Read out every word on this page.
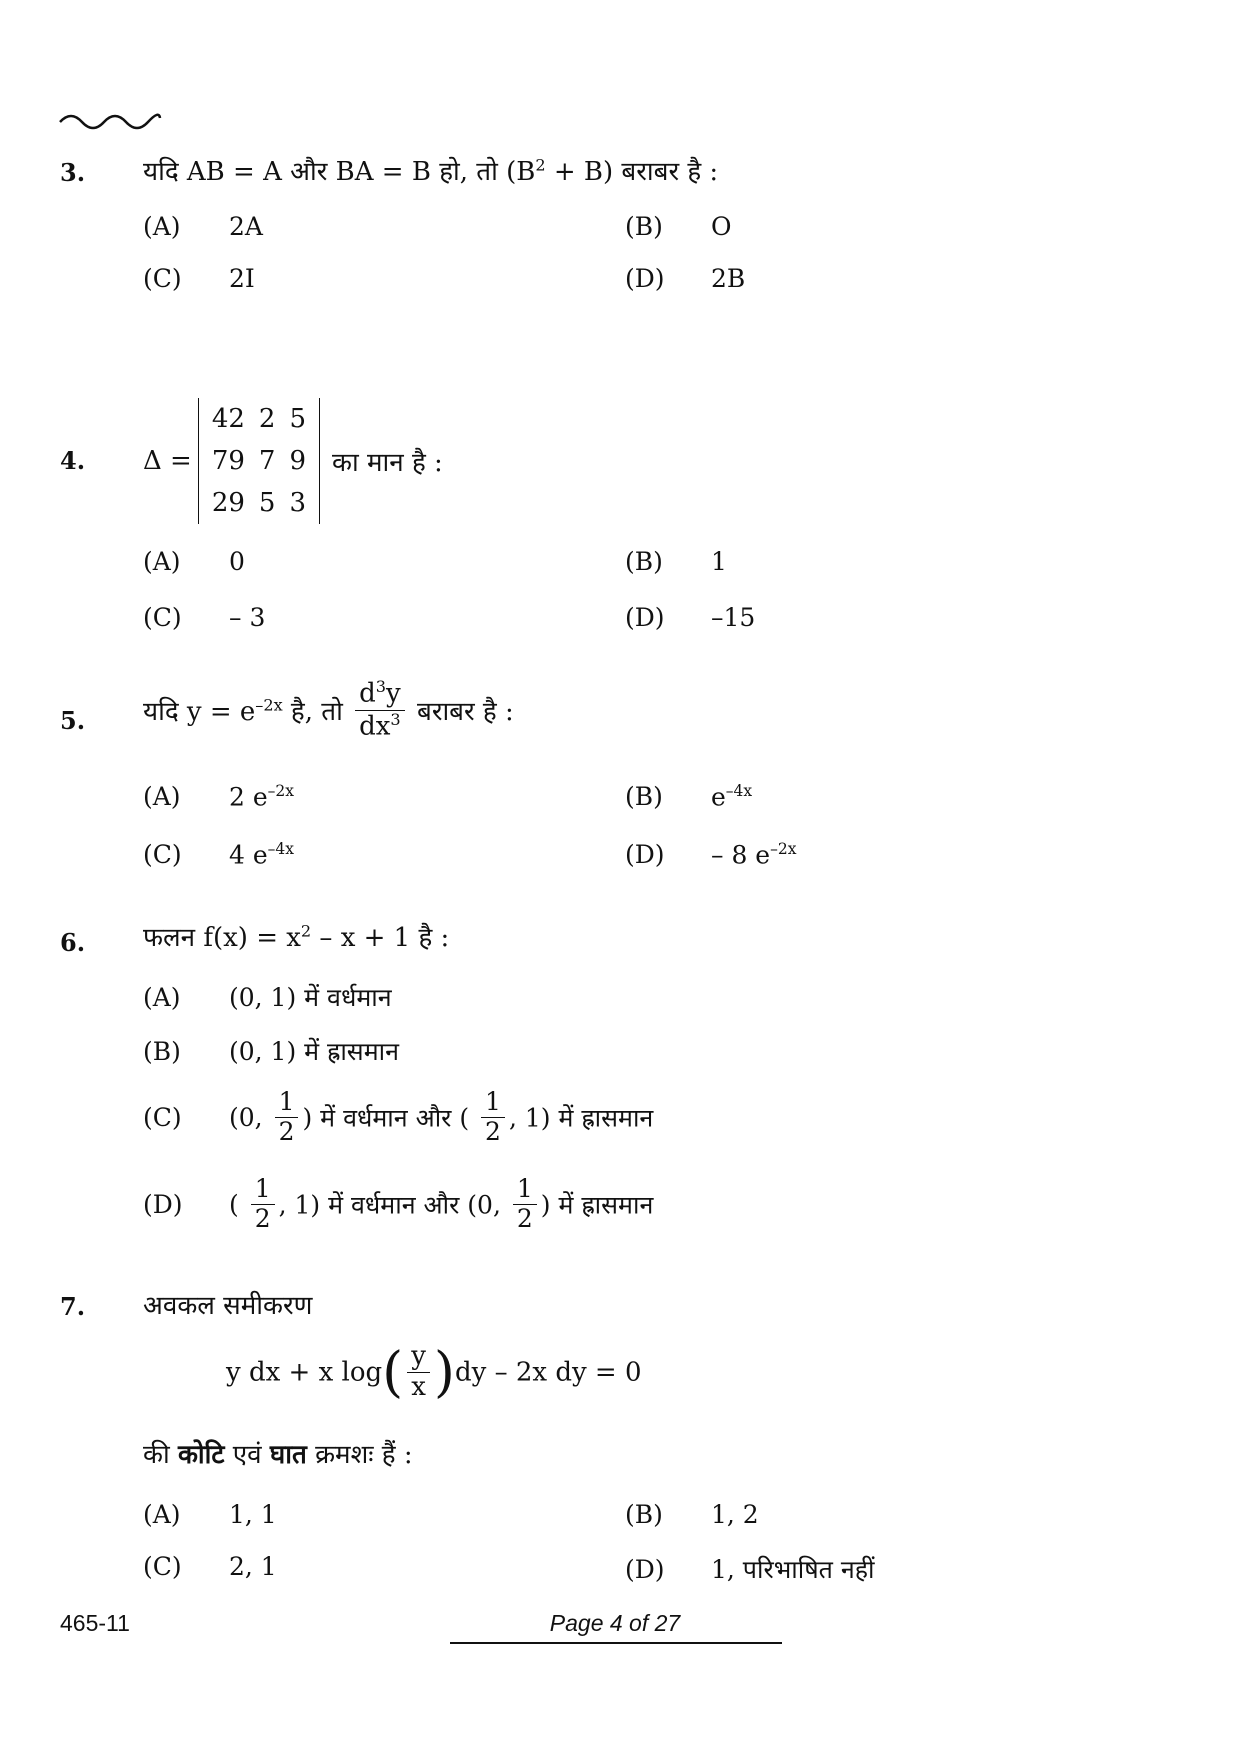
3. यदि AB = A और BA = B हो, तो $(B^2 + B)$ बराबर है :
(A) 2A	(B) O
(C) 2I	(D) 2B
4. Δ =
42	2	5
79	7	9
29	5	3
का मान है :
(A) 0	(B) 1
(C) – 3	(D) –15
5. यदि $y = e^{-2x}$ है, तो $\frac{d^3y}{dx^3}$ बराबर है :
(A) 2 $e^{-2x}$	(B) $e^{-4x}$
(C) 4 $e^{-4x}$	(D) – 8 $e^{-2x}$
6. फलन $f(x) = x^2 - x + 1$ है :
(A) (0, 1) में वर्धमान
(B) (0, 1) में ह्रासमान
(C) (0, $\frac{1}{2}$ ) में वर्धमान और ( $\frac{1}{2}$ , 1) में ह्रासमान
(D) ( $\frac{1}{2}$ , 1) में वर्धमान और (0, $\frac{1}{2}$ ) में ह्रासमान
7. अवकल समीकरण
y dx + x $\log( \frac{y}{x} )dy - 2x$ dy = 0
की कोटि एवं घात क्रमशः हैं :
(A) 1, 1	(B) 1, 2
(C) 2, 1	(D) 1, परिभाषित नहीं
465-11	Page 4 of 27
